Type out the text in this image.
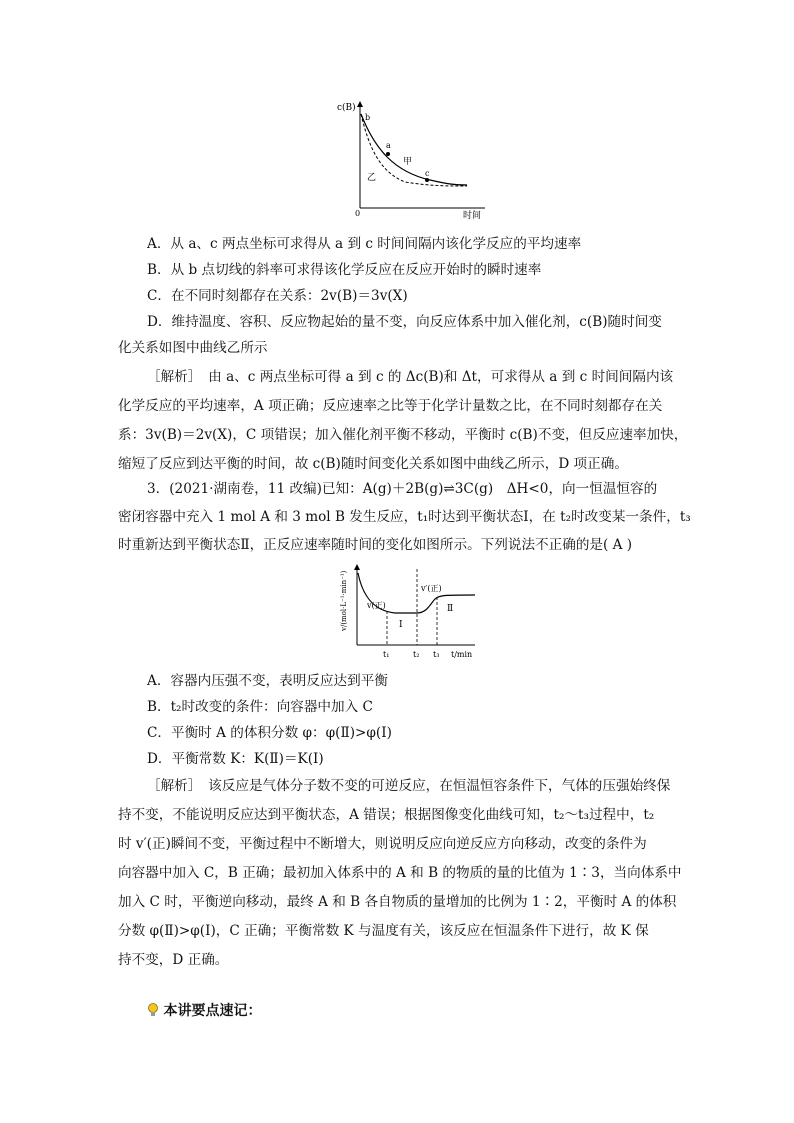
c(B)
b
a
c
甲
乙
0	时间
A．从 a、c 两点坐标可求得从 a 到 c 时间间隔内该化学反应的平均速率
B．从 b 点切线的斜率可求得该化学反应在反应开始时的瞬时速率
C．在不同时刻都存在关系：2v(B)＝3v(X)
D．维持温度、容积、反应物起始的量不变，向反应体系中加入催化剂，c(B)随时间变
化关系如图中曲线乙所示
［解析］　由 a、c 两点坐标可得 a 到 c 的 Δc(B)和 Δt，可求得从 a 到 c 时间间隔内该
化学反应的平均速率，A 项正确；反应速率之比等于化学计量数之比，在不同时刻都存在关
系：3v(B)＝2v(X)，C 项错误；加入催化剂平衡不移动，平衡时 c(B)不变，但反应速率加快，
缩短了反应到达平衡的时间，故 c(B)随时间变化关系如图中曲线乙所示，D 项正确。
3．(2021·湖南卷，11 改编)已知：A(g)＋2B(g)⇌3C(g)　ΔH<0，向一恒温恒容的
密闭容器中充入 1 mol A 和 3 mol B 发生反应，t₁时达到平衡状态Ⅰ，在 t₂时改变某一条件，t₃
时重新达到平衡状态Ⅱ，正反应速率随时间的变化如图所示。下列说法不正确的是( A )
v/(mol·L⁻¹·min⁻¹) v(正)
v′(正)
Ⅰ
Ⅱ
t₁	t₂ t₃ t/min
A．容器内压强不变，表明反应达到平衡
B．t₂时改变的条件：向容器中加入 C
C．平衡时 A 的体积分数 φ：φ(Ⅱ)>φ(Ⅰ)
D．平衡常数 K：K(Ⅱ)＝K(Ⅰ)
［解析］　该反应是气体分子数不变的可逆反应，在恒温恒容条件下，气体的压强始终保
持不变，不能说明反应达到平衡状态，A 错误；根据图像变化曲线可知，t₂～t₃过程中，t₂
时 v′(正)瞬间不变，平衡过程中不断增大，则说明反应向逆反应方向移动，改变的条件为
向容器中加入 C，B 正确；最初加入体系中的 A 和 B 的物质的量的比值为 1∶3，当向体系中
加入 C 时，平衡逆向移动，最终 A 和 B 各自物质的量增加的比例为 1∶2，平衡时 A 的体积
分数 φ(Ⅱ)>φ(Ⅰ)，C 正确；平衡常数 K 与温度有关，该反应在恒温条件下进行，故 K 保
持不变，D 正确。
本讲要点速记：
